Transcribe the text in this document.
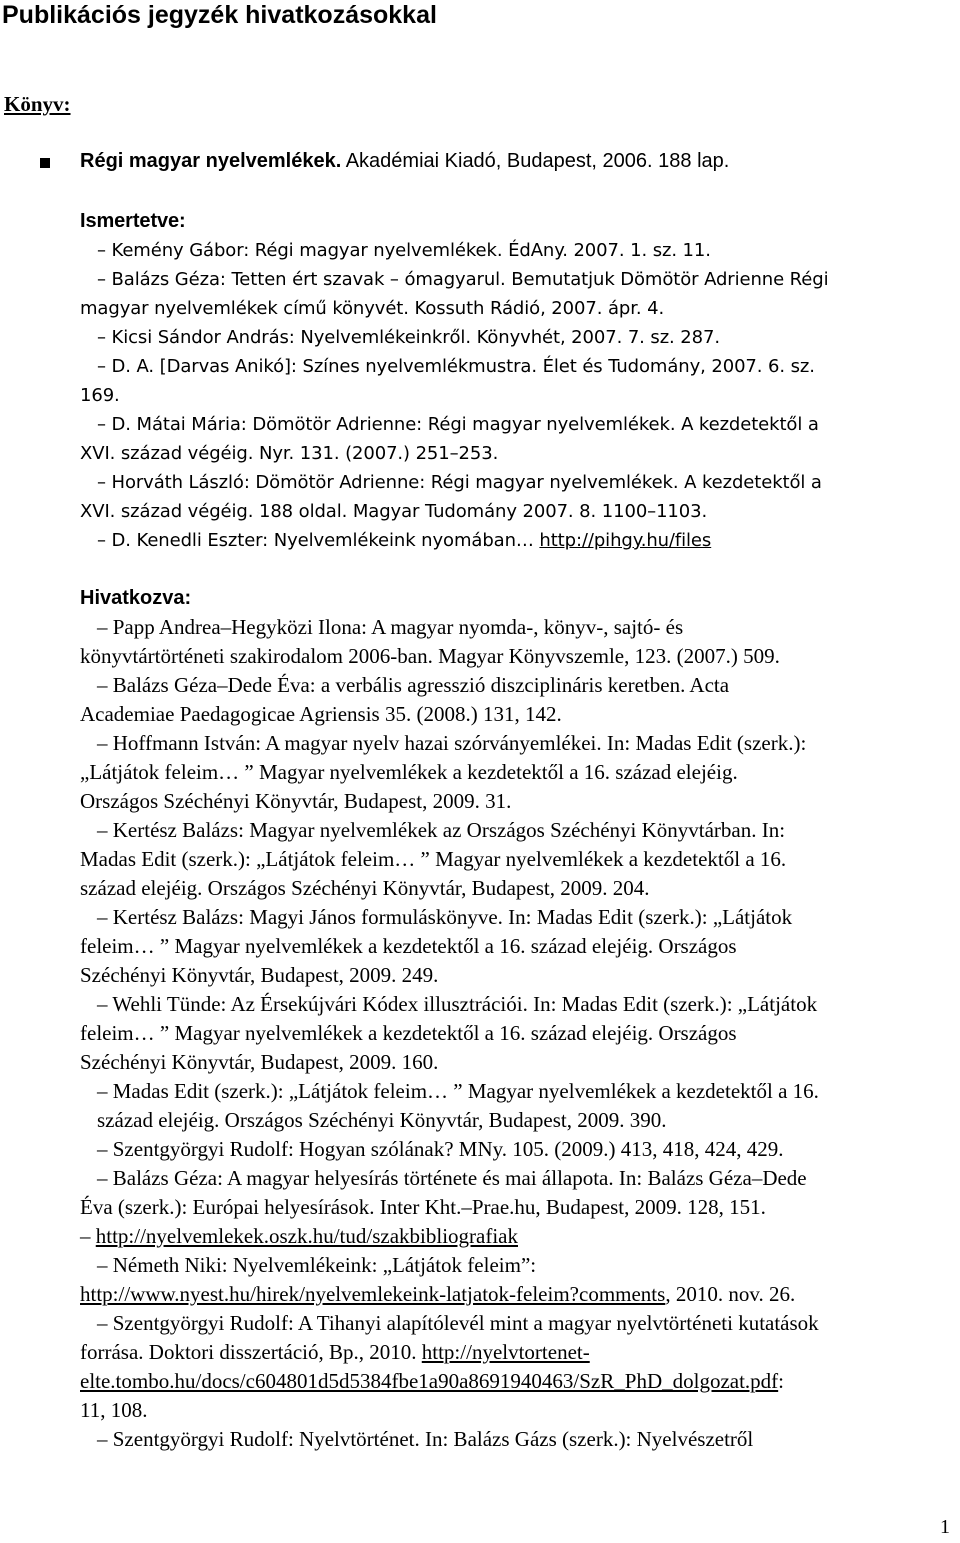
Publikációs jegyzék hivatkozásokkal
Könyv:
Régi magyar nyelvemlékek. Akadémiai Kiadó, Budapest, 2006. 188 lap.
Ismertetve:
– Kemény Gábor: Régi magyar nyelvemlékek. ÉdAny. 2007. 1. sz. 11.
– Balázs Géza: Tetten ért szavak – ómagyarul. Bemutatjuk Dömötör Adrienne Régi
magyar nyelvemlékek című könyvét. Kossuth Rádió, 2007. ápr. 4.
– Kicsi Sándor András: Nyelvemlékeinkről. Könyvhét, 2007. 7. sz. 287.
– D. A. [Darvas Anikó]: Színes nyelvemlékmustra. Élet és Tudomány, 2007. 6. sz.
169.
– D. Mátai Mária: Dömötör Adrienne: Régi magyar nyelvemlékek. A kezdetektől a
XVI. század végéig. Nyr. 131. (2007.) 251–253.
– Horváth László: Dömötör Adrienne: Régi magyar nyelvemlékek. A kezdetektől a
XVI. század végéig. 188 oldal. Magyar Tudomány 2007. 8. 1100–1103.
– D. Kenedli Eszter: Nyelvemlékeink nyomában… http://pihgy.hu/files
Hivatkozva:
– Papp Andrea–Hegyközi Ilona: A magyar nyomda-, könyv-, sajtó- és
könyvtártörténeti szakirodalom 2006-ban. Magyar Könyvszemle, 123. (2007.) 509.
– Balázs Géza–Dede Éva: a verbális agresszió diszciplináris keretben. Acta
Academiae Paedagogicae Agriensis 35. (2008.) 131, 142.
– Hoffmann István: A magyar nyelv hazai szórványemlékei. In: Madas Edit (szerk.):
„Látjátok feleim… ” Magyar nyelvemlékek a kezdetektől a 16. század elejéig.
Országos Széchényi Könyvtár, Budapest, 2009. 31.
– Kertész Balázs: Magyar nyelvemlékek az Országos Széchényi Könyvtárban. In:
Madas Edit (szerk.): „Látjátok feleim… ” Magyar nyelvemlékek a kezdetektől a 16.
század elejéig. Országos Széchényi Könyvtár, Budapest, 2009. 204.
– Kertész Balázs: Magyi János formuláskönyve. In: Madas Edit (szerk.): „Látjátok
feleim… ” Magyar nyelvemlékek a kezdetektől a 16. század elejéig. Országos
Széchényi Könyvtár, Budapest, 2009. 249.
– Wehli Tünde: Az Érsekújvári Kódex illusztrációi. In: Madas Edit (szerk.): „Látjátok
feleim… ” Magyar nyelvemlékek a kezdetektől a 16. század elejéig. Országos
Széchényi Könyvtár, Budapest, 2009. 160.
– Madas Edit (szerk.): „Látjátok feleim… ” Magyar nyelvemlékek a kezdetektől a 16.
század elejéig. Országos Széchényi Könyvtár, Budapest, 2009. 390.
– Szentgyörgyi Rudolf: Hogyan szólának? MNy. 105. (2009.) 413, 418, 424, 429.
– Balázs Géza: A magyar helyesírás története és mai állapota. In: Balázs Géza–Dede
Éva (szerk.): Európai helyesírások. Inter Kht.–Prae.hu, Budapest, 2009. 128, 151.
– http://nyelvemlekek.oszk.hu/tud/szakbibliografiak
– Németh Niki: Nyelvemlékeink: „Látjátok feleim”:
http://www.nyest.hu/hirek/nyelvemlekeink-latjatok-feleim?comments, 2010. nov. 26.
– Szentgyörgyi Rudolf: A Tihanyi alapítólevél mint a magyar nyelvtörténeti kutatások
forrása. Doktori disszertáció, Bp., 2010. http://nyelvtortenet-
elte.tombo.hu/docs/c604801d5d5384fbe1a90a8691940463/SzR_PhD_dolgozat.pdf:
11, 108.
– Szentgyörgyi Rudolf: Nyelvtörténet. In: Balázs Gázs (szerk.): Nyelvészetről
1
